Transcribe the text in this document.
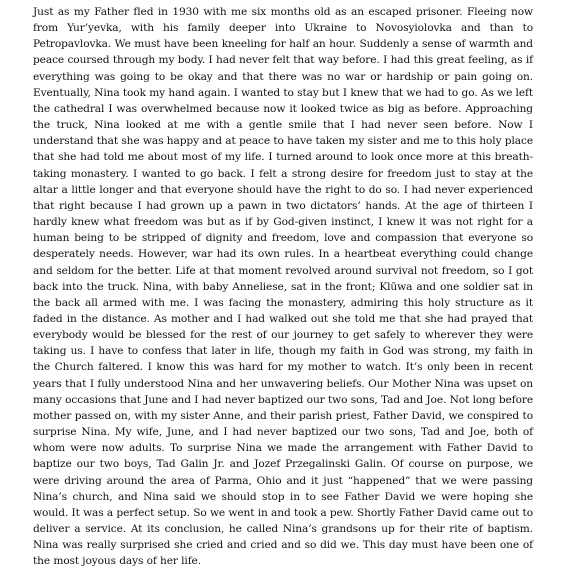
Just as my Father fled in 1930 with me six months old as an escaped prisoner. Fleeing now from Yur’yevka, with his family deeper into Ukraine to Novosyiolovka and than to Petropavlovka. We must have been kneeling for half an hour. Suddenly a sense of warmth and peace coursed through my body. I had never felt that way before. I had this great feeling, as if everything was going to be okay and that there was no war or hardship or pain going on. Eventually, Nina took my hand again. I wanted to stay but I knew that we had to go. As we left the cathedral I was overwhelmed because now it looked twice as big as before. Approaching the truck, Nina looked at me with a gentle smile that I had never seen before. Now I understand that she was happy and at peace to have taken my sister and me to this holy place that she had told me about most of my life. I turned around to look once more at this breath-taking monastery. I wanted to go back. I felt a strong desire for freedom just to stay at the altar a little longer and that everyone should have the right to do so. I had never experienced that right because I had grown up a pawn in two dictators’ hands. At the age of thirteen I hardly knew what freedom was but as if by God-given instinct, I knew it was not right for a human being to be stripped of dignity and freedom, love and compassion that everyone so desperately needs. However, war had its own rules. In a heartbeat everything could change and seldom for the better. Life at that moment revolved around survival not freedom, so I got back into the truck. Nina, with baby Anneliese, sat in the front; Klūwa and one soldier sat in the back all armed with me. I was facing the monastery, admiring this holy structure as it faded in the distance. As mother and I had walked out she told me that she had prayed that everybody would be blessed for the rest of our journey to get safely to wherever they were taking us. I have to confess that later in life, though my faith in God was strong, my faith in the Church faltered. I know this was hard for my mother to watch. It’s only been in recent years that I fully understood Nina and her unwavering beliefs. Our Mother Nina was upset on many occasions that June and I had never baptized our two sons, Tad and Joe. Not long before mother passed on, with my sister Anne, and their parish priest, Father David, we conspired to surprise Nina. My wife, June, and I had never baptized our two sons, Tad and Joe, both of whom were now adults. To surprise Nina we made the arrangement with Father David to baptize our two boys, Tad Galin Jr. and Jozef Przegalinski Galin. Of course on purpose, we were driving around the area of Parma, Ohio and it just “happened” that we were passing Nina’s church, and Nina said we should stop in to see Father David we were hoping she would. It was a perfect setup. So we went in and took a pew. Shortly Father David came out to deliver a service. At its conclusion, he called Nina’s grandsons up for their rite of baptism. Nina was really surprised she cried and cried and so did we. This day must have been one of the most joyous days of her life.
